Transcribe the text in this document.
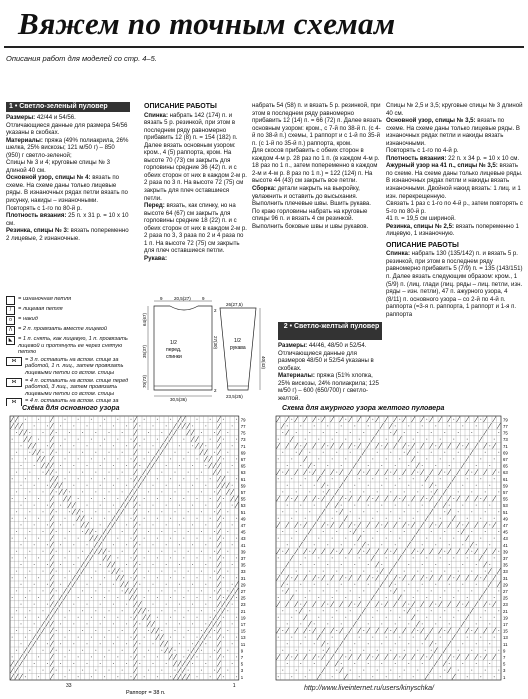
Вяжем по точным схемам
Описания работ для моделей со стр. 4–5.
1 • Светло-зеленый пуловер

Размеры: 42/44 и 54/56.

Отличающиеся данные для размера 54/56 указаны в скобках.

Материалы: пряжа (49% полиакрила, 26% шелка, 25% вискозы; 121 м/50 г) – 850 (950) г светло-зеленой;

Спицы № 3 и 4; круговые спицы № 3 длиной 40 см.

Основной узор, спицы № 4: вязать по схеме. На схеме даны только лицевые ряды. В изнаночных рядах петли вязать по рисунку, накиды – изнаночными.

Повторять с 1-го по 80-й р.

Плотность вязания: 25 п. х 31 р. = 10 х 10 см.

Резинка, спицы № 3: вязать попеременно 2 лицевые, 2 изнаночные.

= изнаночная петля
/	= лицевая петля
o	= накид
Λ	= 2 п. провязать вместе лицевой
◣ = 1 п. снять, как лицевую, 1 п. провязать лицевой и протянуть ее через снятую петлю
⋈	= 3 п. оставить на вспом. спице за работой, 1 п. лиц., затем провязать лицевыми петли со вспом. спицы
⋈	= 4 п. оставить на вспом. спице перед работой, 3 лиц., затем провязать лицевыми петли со вспом. спицы
⋈	= 4 п. оставить на вспом. спице за
ОПИСАНИЕ РАБОТЫ

Спинка: набрать 142 (174) п. и вязать 5 р. резинкой, при этом в последнем ряду равномерно прибавить 12 (8) п. = 154 (182) п. Далее вязать основным узором: кром., 4 (5) раппорта, кром. На высоте 70 (73) см закрыть для горловины средние 36 (42) п. и с обеих сторон от них в каждом 2-м р. 2 раза по 3 п. На высоте 72 (75) см закрыть для плеч оставшиеся петли.

Перед: вязать, как спинку, но на высоте 64 (67) см закрыть для горловины средние 18 (22) п. и с обеих сторон от них в каждом 2-м р. 2 раза по 3, 3 раза по 2 и 4 раза по 1 п. На высоте 72 (75) см закрыть для плеч оставшиеся петли.

Рукава:

набрать 54 (58) п. и вязать 5 р. резинкой, при этом в последнем ряду равномерно прибавить 12 (14) п. = 66 (72) п. Далее вязать основным узором: кром., с 7-й по 38-й п. (с 4-й по 38-й п.) схемы, 1 раппорт и с 1-й по 35-й п. (с 1-й по 35-й п.) раппорта, кром.

Для скосов прибавить с обеих сторон в каждом 4-м р. 28 раз по 1 п. (в каждом 4-м р. 18 раз по 1 п., затем попеременно в каждом 2-м и 4-м р. 8 раз по 1 п.) = 122 (124) п. На высоте 44 (43) см закрыть все петли.

Сборка: детали накрыть на выкройку, увлажнить и оставить до высыхания. Выполнить плечевые швы. Вшить рукава.

По краю горловины набрать на круговые спицы 96 п. и вязать 4 см резинкой. Выполнить боковые швы и швы рукавов.

2 • Светло-желтый пуловер

Размеры: 44/46, 48/50 и 52/54.

Отличающиеся данные для размеров 48/50 и 52/54 указаны в скобках.

Материалы: пряжа (51% хлопка, 25% вискозы, 24% полиакрила; 125 м/50 г) – 600 (650/700) г светло-желтой.

Спицы № 2,5 и 3,5; круговые спицы № 3 длиной 40 см.

Основной узор, спицы № 3,5: вязать по схеме. На схеме даны только лицевые ряды. В изнаночных рядах петли и накиды вязать изнаночными.

Повторять с 1-го по 4-й р.

Плотность вязания: 22 п. х 34 р. = 10 х 10 см.

Ажурный узор на 41 п., спицы № 3,5: вязать по схеме. На схеме даны только лицевые ряды. В изнаночных рядах петли и накиды вязать изнаночными. Двойной накид вязать: 1 лиц. и 1 изн. перекрещенную.

Связать 1 раз с 1-го по 4-й р., затем повторять с 5-го по 80-й р.

41 п. = 19,5 см шириной.

Резинка, спицы № 2,5: вязать попеременно 1 лицевую, 1 изнаночную.

ОПИСАНИЕ РАБОТЫ

Спинка: набрать 130 (135/142) п. и вязать 5 р. резинкой, при этом в последнем ряду равномерно прибавить 5 (7/9) п. = 135 (143/151) п. Далее вязать следующим образом: кром., 1 (5/9) п. (лиц. глади (лиц. ряды – лиц. петли, изн. ряды – изн. петли), 47 п. ажурного узора, 4 (8/11) п. основного узора – со 2-й по 4-й п. раппорта (=3-я п. раппорта, 1 раппорт и 1-я п. раппорта

9	20,5(27) 9
2
27(30)
64(67)
35(37)
70(73)
1/2
перед,
спинки
1/2
рукава
40(43)
26(27,5)
23,5(25)
30,5(36)
2
Схема для основного узора	Схема для ажурного узора желтого пуловера
79
77
75
73
71
69
67
65
63
61
59
57
55
53
51
49
47
45
43
41
39
37
35
33
31
29
27
25
23
21
19
17
15
13
11
9
7
5
3
1
33	1
Раппорт = 38 п.
79
77
75
73
71
69
67
65
63
61
59
57
55
53
51
49
47
45
43
41
39
37
35
33
31
29
27
25
23
21
19
17
15
13
11
9
7
5
3
1
http://www.liveinternet.ru/users/kinyschka/
